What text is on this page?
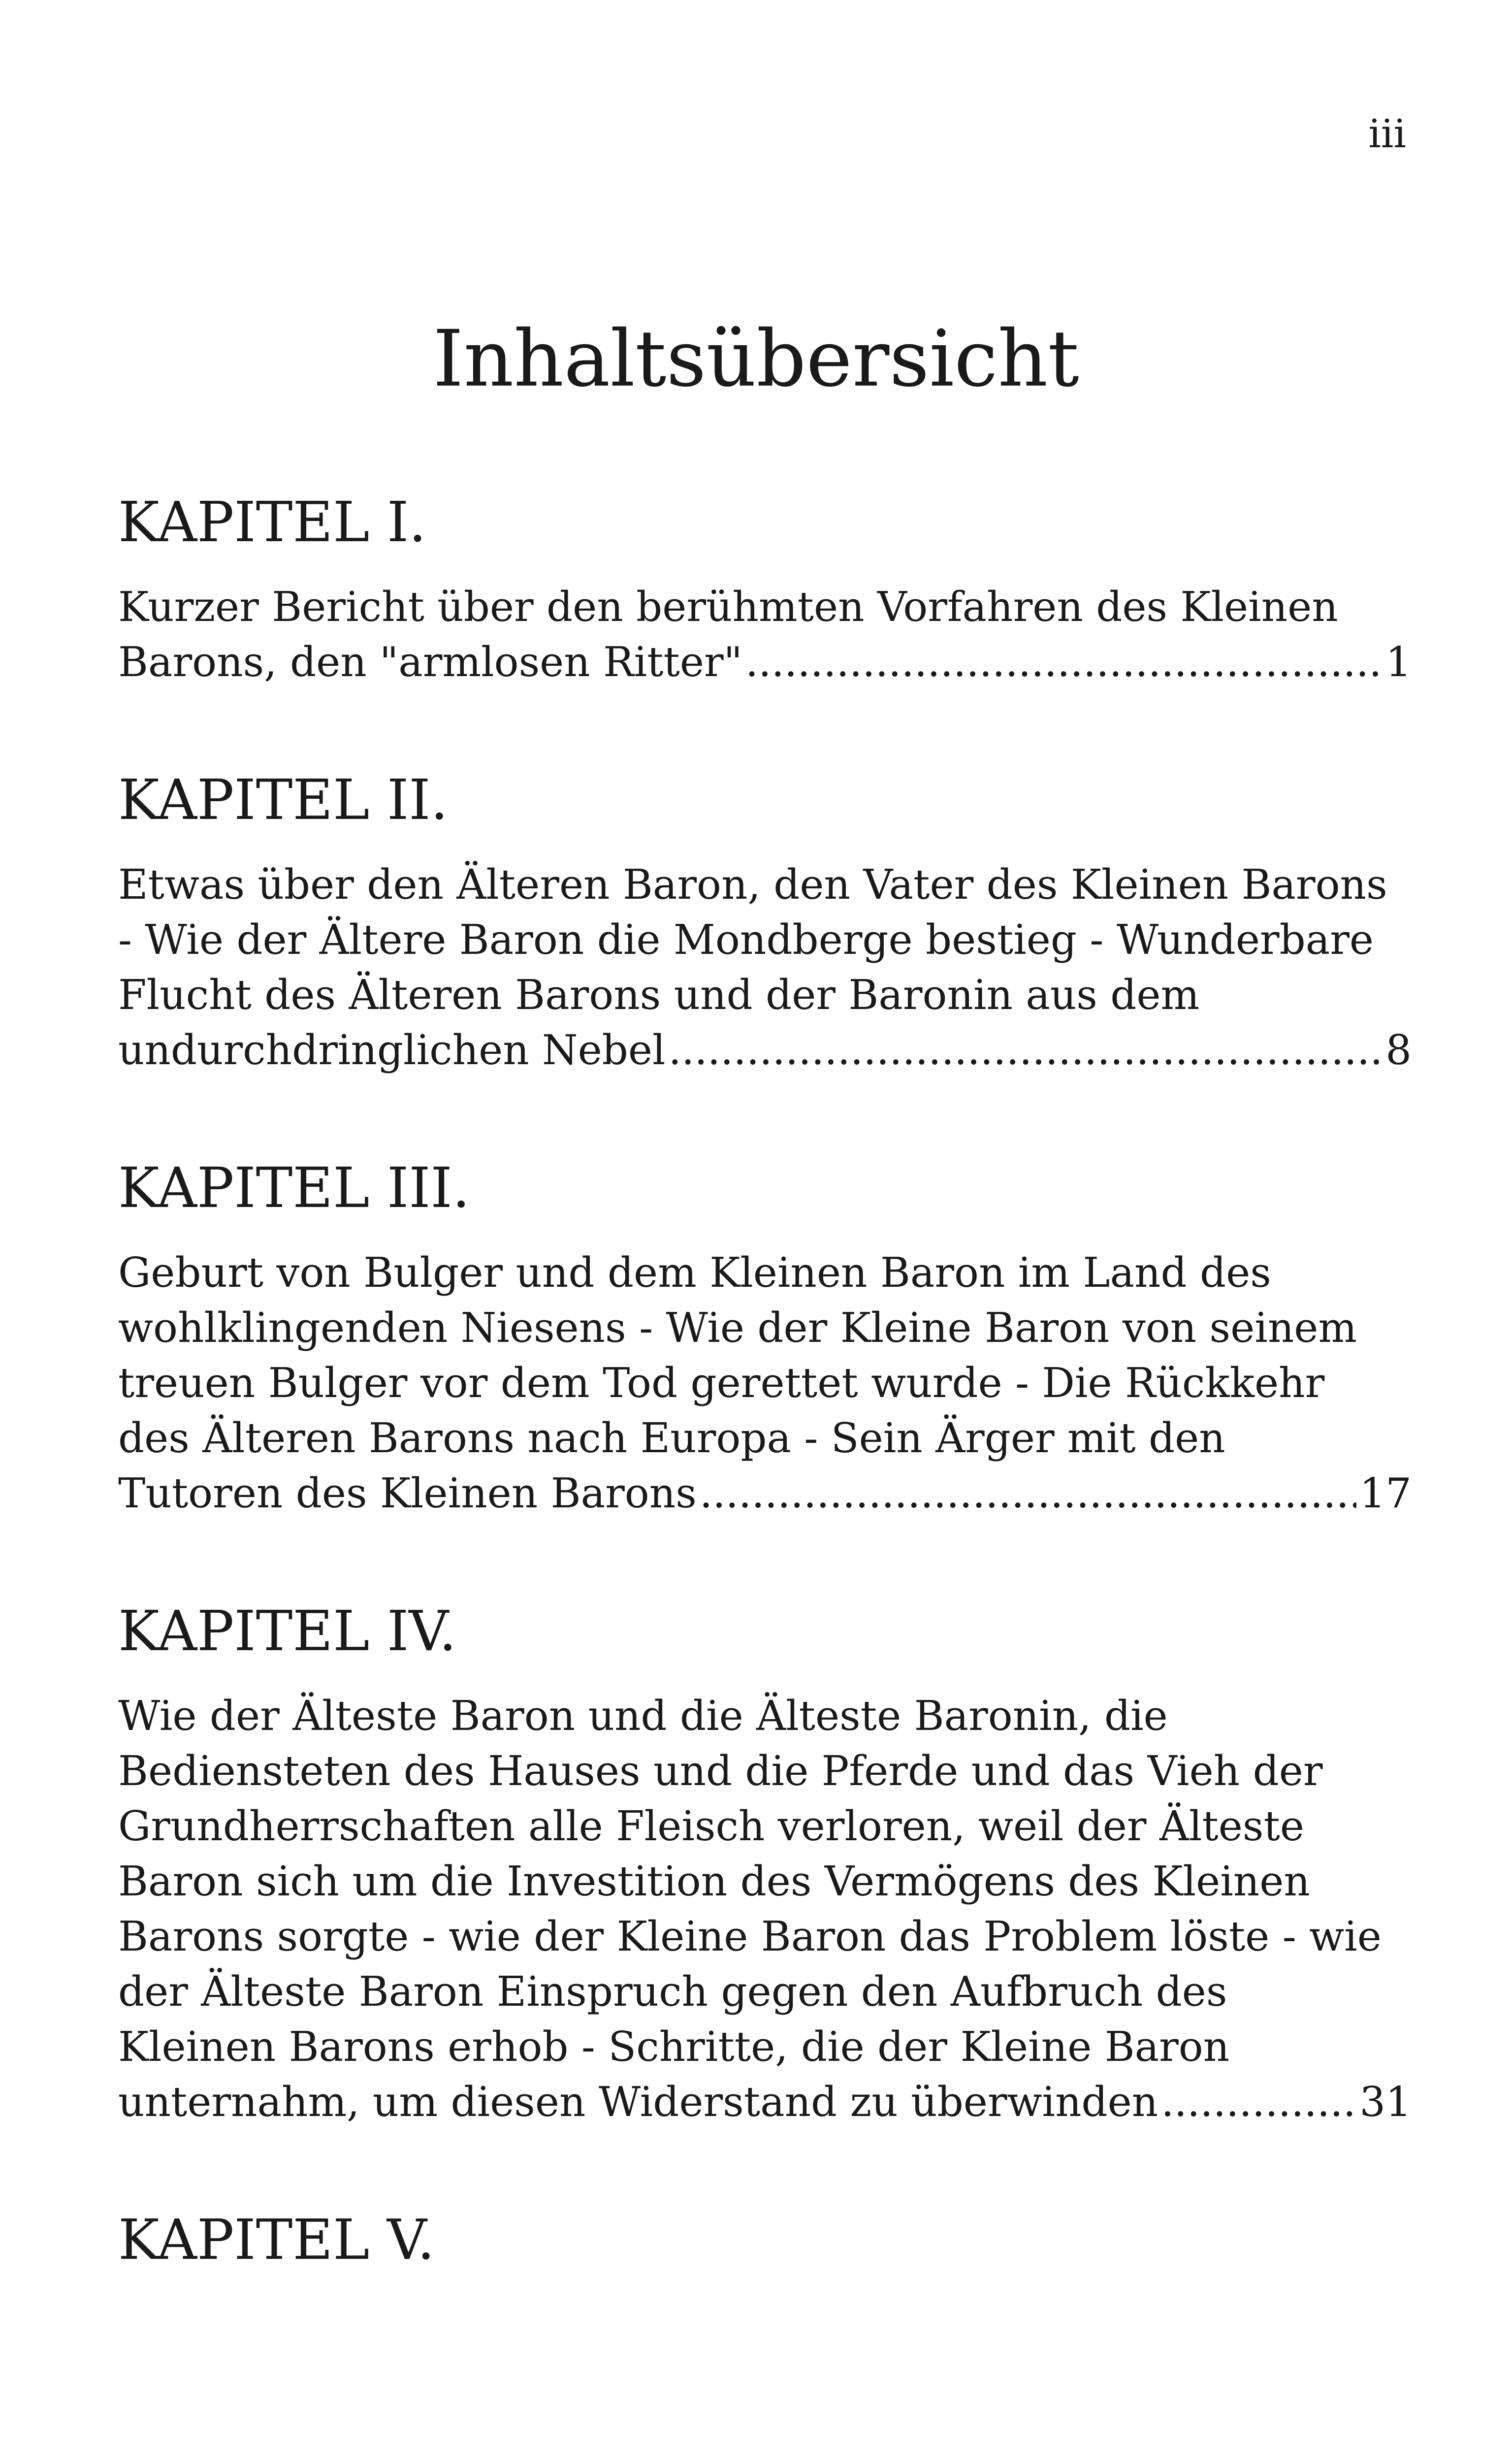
iii

Inhaltsübersicht
KAPITEL I.
Kurzer Bericht über den berühmten Vorfahren des Kleinen
Barons, den "armlosen Ritter" .....	1
KAPITEL II.
Etwas über den Älteren Baron, den Vater des Kleinen Barons
- Wie der Ältere Baron die Mondberge bestieg - Wunderbare
Flucht des Älteren Barons und der Baronin aus dem
undurchdringlichen Nebel .....	8
KAPITEL III.
Geburt von Bulger und dem Kleinen Baron im Land des
wohlklingenden Niesens - Wie der Kleine Baron von seinem
treuen Bulger vor dem Tod gerettet wurde - Die Rückkehr
des Älteren Barons nach Europa - Sein Ärger mit den
Tutoren des Kleinen Barons .....	17
KAPITEL IV.
Wie der Älteste Baron und die Älteste Baronin, die
Bediensteten des Hauses und die Pferde und das Vieh der
Grundherrschaften alle Fleisch verloren, weil der Älteste
Baron sich um die Investition des Vermögens des Kleinen
Barons sorgte - wie der Kleine Baron das Problem löste - wie
der Älteste Baron Einspruch gegen den Aufbruch des
Kleinen Barons erhob - Schritte, die der Kleine Baron
unternahm, um diesen Widerstand zu überwinden .....	31
KAPITEL V.
